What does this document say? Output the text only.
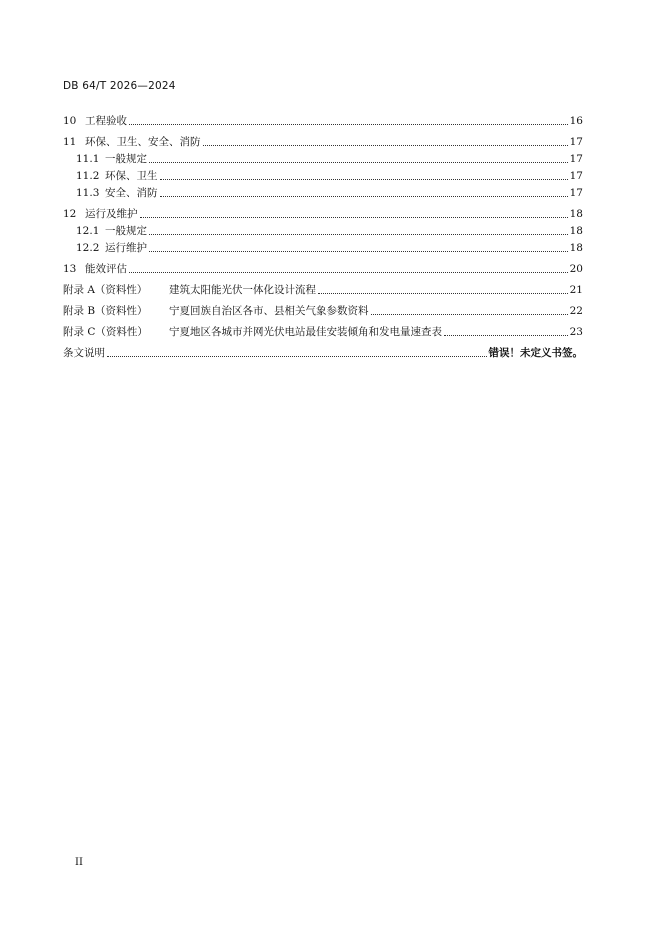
DB 64/T 2026—2024
10 工程验收	16
11 环保、卫生、安全、消防	17
11.1 一般规定	17
11.2 环保、卫生	17
11.3 安全、消防	17
12 运行及维护	18
12.1 一般规定	18
12.2 运行维护	18
13 能效评估	20
附录 A（资料性）	建筑太阳能光伏一体化设计流程	21
附录 B（资料性）	宁夏回族自治区各市、县相关气象参数资料	22
附录 C（资料性）	宁夏地区各城市并网光伏电站最佳安装倾角和发电量速查表	23
条文说明	错误！未定义书签。
II
